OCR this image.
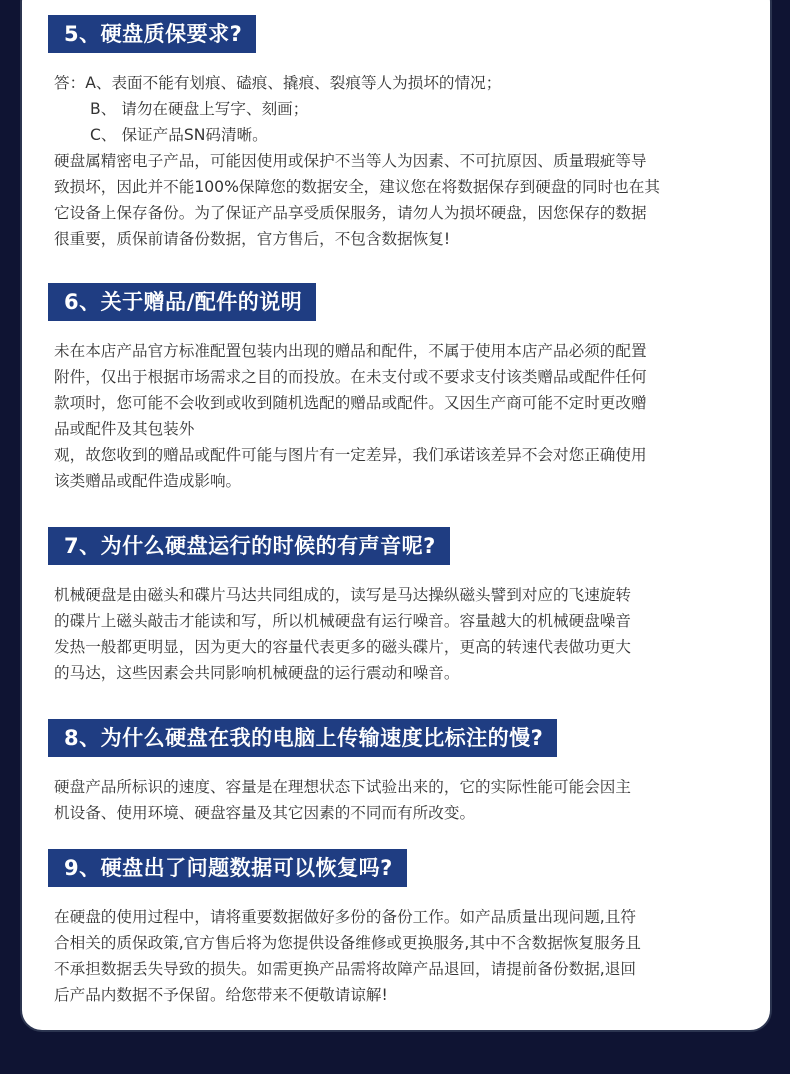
5、硬盘质保要求?

答：A、表面不能有划痕、磕痕、撬痕、裂痕等人为损坏的情况；

B、 请勿在硬盘上写字、刻画；

C、 保证产品SN码清晰。

硬盘属精密电子产品，可能因使用或保护不当等人为因素、不可抗原因、质量瑕疵等导

致损坏，因此并不能100%保障您的数据安全，建议您在将数据保存到硬盘的同时也在其

它设备上保存备份。为了保证产品享受质保服务，请勿人为损坏硬盘，因您保存的数据

很重要，质保前请备份数据，官方售后，不包含数据恢复!

6、关于赠品/配件的说明

未在本店产品官方标准配置包装内出现的赠品和配件，不属于使用本店产品必须的配置

附件，仅出于根据市场需求之目的而投放。在未支付或不要求支付该类赠品或配件任何

款项时，您可能不会收到或收到随机选配的赠品或配件。又因生产商可能不定时更改赠

品或配件及其包装外

观，故您收到的赠品或配件可能与图片有一定差异，我们承诺该差异不会对您正确使用

该类赠品或配件造成影响。

7、为什么硬盘运行的时候的有声音呢?

机械硬盘是由磁头和碟片马达共同组成的，读写是马达操纵磁头譬到对应的飞速旋转

的碟片上磁头敲击才能读和写，所以机械硬盘有运行噪音。容量越大的机械硬盘噪音

发热一般都更明显，因为更大的容量代表更多的磁头碟片，更高的转速代表做功更大

的马达，这些因素会共同影响机械硬盘的运行震动和噪音。

8、为什么硬盘在我的电脑上传输速度比标注的慢?

硬盘产品所标识的速度、容量是在理想状态下试验出来的，它的实际性能可能会因主

机设备、使用环境、硬盘容量及其它因素的不同而有所改变。

9、硬盘出了问题数据可以恢复吗?

在硬盘的使用过程中，请将重要数据做好多份的备份工作。如产品质量出现问题,且符

合相关的质保政策,官方售后将为您提供设备维修或更换服务,其中不含数据恢复服务且

不承担数据丢失导致的损失。如需更换产品需将故障产品退回，请提前备份数据,退回

后产品内数据不予保留。给您带来不便敬请谅解!
